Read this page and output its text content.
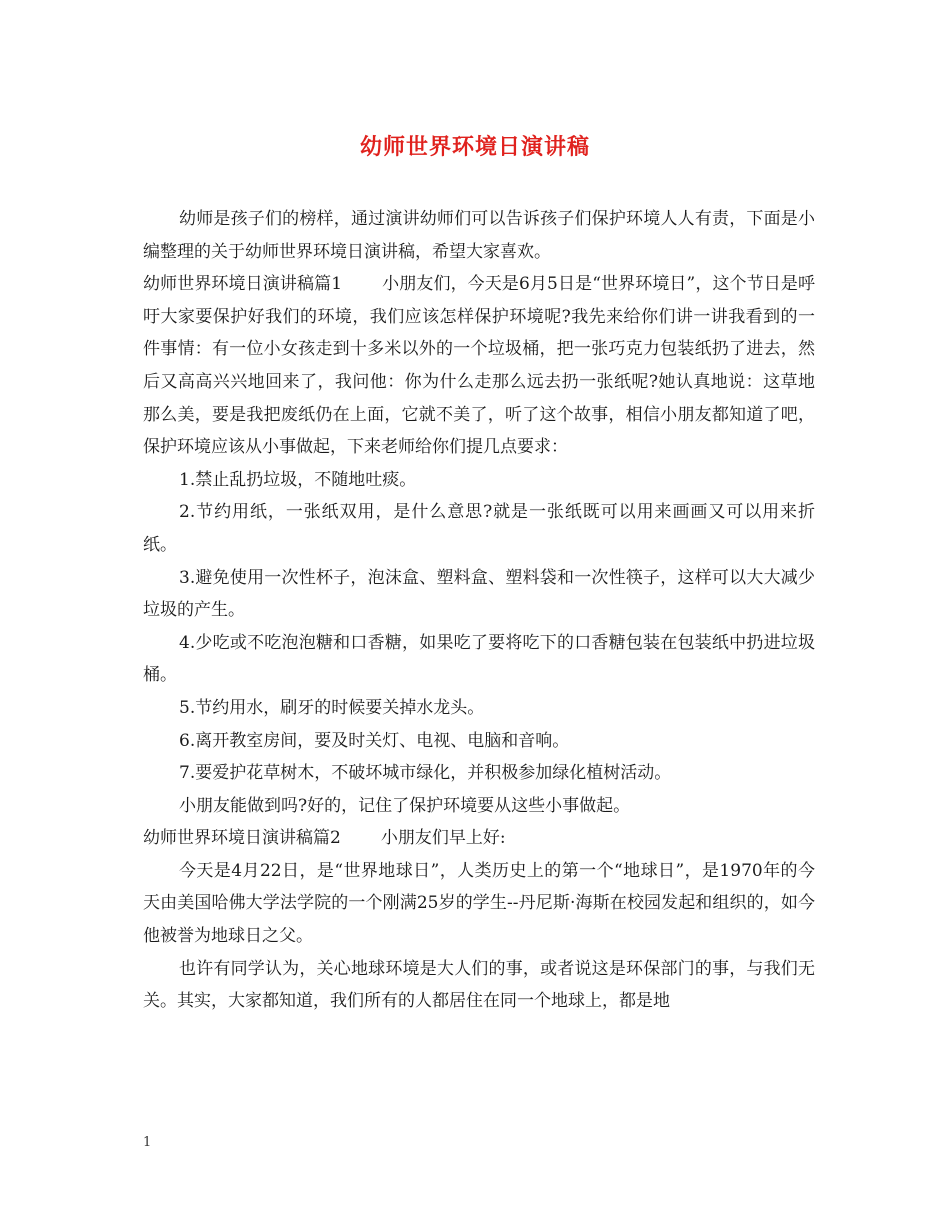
幼师世界环境日演讲稿

幼师是孩子们的榜样，通过演讲幼师们可以告诉孩子们保护环境人人有责，下面是小编整理的关于幼师世界环境日演讲稿，希望大家喜欢。

幼师世界环境日演讲稿篇1 小朋友们，今天是6月5日是“世界环境日”，这个节日是呼吁大家要保护好我们的环境，我们应该怎样保护环境呢?我先来给你们讲一讲我看到的一件事情：有一位小女孩走到十多米以外的一个垃圾桶，把一张巧克力包装纸扔了进去，然后又高高兴兴地回来了，我问他：你为什么走那么远去扔一张纸呢?她认真地说：这草地那么美，要是我把废纸仍在上面，它就不美了，听了这个故事，相信小朋友都知道了吧，保护环境应该从小事做起，下来老师给你们提几点要求：

1.禁止乱扔垃圾，不随地吐痰。

2.节约用纸，一张纸双用，是什么意思?就是一张纸既可以用来画画又可以用来折纸。

3.避免使用一次性杯子，泡沫盒、塑料盒、塑料袋和一次性筷子，这样可以大大减少垃圾的产生。

4.少吃或不吃泡泡糖和口香糖，如果吃了要将吃下的口香糖包装在包装纸中扔进垃圾桶。

5.节约用水，刷牙的时候要关掉水龙头。

6.离开教室房间，要及时关灯、电视、电脑和音响。

7.要爱护花草树木，不破坏城市绿化，并积极参加绿化植树活动。

小朋友能做到吗?好的，记住了保护环境要从这些小事做起。

幼师世界环境日演讲稿篇2 小朋友们早上好:

今天是4月22日，是“世界地球日”，人类历史上的第一个“地球日”，是1970年的今天由美国哈佛大学法学院的一个刚满25岁的学生--丹尼斯·海斯在校园发起和组织的，如今他被誉为地球日之父。

也许有同学认为，关心地球环境是大人们的事，或者说这是环保部门的事，与我们无关。其实，大家都知道，我们所有的人都居住在同一个地球上，都是地

1
